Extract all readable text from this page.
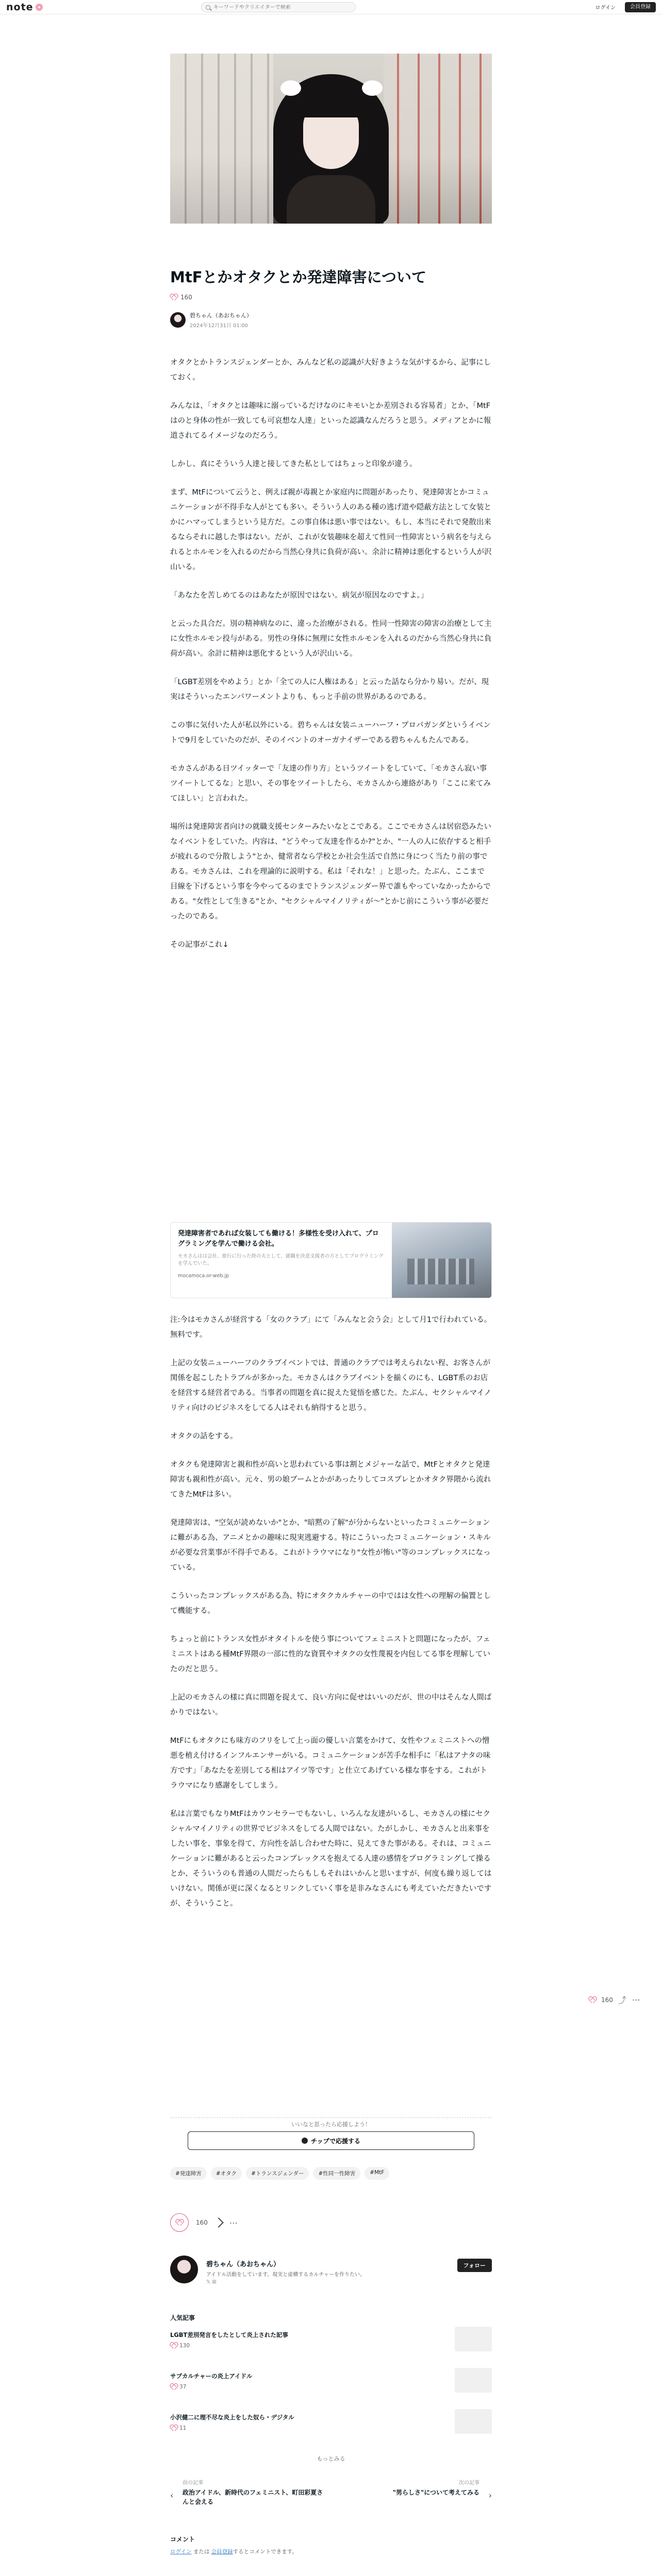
note
キーワードやクリエイターで検索	ログイン	会員登録
MtFとかオタクとか発達障害について
160
碧ちゃん（あおちゃん）
2024年12月31日 01:00

オタクとかトランスジェンダーとか、みんなど私の認識が大好きような気がするから、記事にしておく。

みんなは、「オタクとは趣味に溺っているだけなのにキモいとか差別される容易者」とか、「MtFはのと身体の性が一致しても可哀想な人達」といった認識なんだろうと思う。メディアとかに報道されてるイメージなのだろう。

しかし、真にそういう人達と接してきた私としてはちょっと印象が違う。

まず、MtFについて云うと、例えば親が毒親とか家庭内に問題があったり、発達障害とかコミュニケーションが不得手な人がとても多い。そういう人のある種の逃げ道や隠蔽方法として女装とかにハマってしまうという見方だ。この事自体は悪い事ではない。もし、本当にそれで発散出来るならそれに越した事はない。だが、これが女装趣味を超えて性同一性障害という病名を与えられるとホルモンを入れるのだから当然心身共に負荷が高い。余計に精神は悪化するという人が沢山いる。

「あなたを苦しめてるのはあなたが原因ではない。病気が原因なのですよ。」

と云った具合だ。別の精神病なのに、違った治療がされる。性同一性障害の障害の治療として主に女性ホルモン投与がある。男性の身体に無理に女性ホルモンを入れるのだから当然心身共に負荷が高い。余計に精神は悪化するという人が沢山いる。

「LGBT差別をやめよう」とか「全ての人に人権はある」と云った話なら分かり易い。だが、現実はそういったエンパワーメントよりも、もっと手前の世界があるのである。

この事に気付いた人が私以外にいる。碧ちゃんは女装ニューハーフ・プロパガンダというイベントで9月をしていたのだが、そのイベントのオーガナイザーである碧ちゃんもたんである。

モカさんがある日ツイッターで「友達の作り方」というツイートをしていて、「モカさん寂い事ツイートしてるな」と思い、その事をツイートしたら、モカさんから連絡があり「ここに来てみてほしい」と言われた。

場所は発達障害者向けの就職支援センターみたいなとこである。ここでモカさんは居宿恐みたいなイベントをしていた。内容は、"どうやって友達を作るか?"とか、"一人の人に依存すると相手が疲れるので分散しよう"とか、健常者なら学校とか社会生活で自然に身につく当たり前の事である。モカさんは、これを理論的に説明する。私は「それな！」と思った。たぶん、ここまで目線を下げるという事を今やってるのまでトランスジェンダー界で誰もやっていなかったからである。"女性として生きる"とか、"セクシャルマイノリティが〜"とかじ前にこういう事が必要だったのである。

その記事がこれ↓

発達障害者であれば女装しても働ける！多様性を受け入れて、プログラミングを学んで働ける会社。
モカさんはは会社、旅行に行った時の夫として、就職を決意支援者の方としてプログラミングを学んでいた。
mocamoca.or-web.jp

注:今はモカさんが経営する「女のクラブ」にて「みんなと会う会」として月1で行われている。無料です。

上記の女装ニューハーフのクラブイベントでは、普通のクラブでは考えられない程、お客さんが関係を起こしたトラブルが多かった。モカさんはクラブイベントを揃くのにも、LGBT系のお店を経営する経営者である。当事者の問題を真に捉えた覚悟を感じた。たぶん、セクシャルマイノリティ向けのビジネスをしてる人はそれも納得すると思う。

オタクの話をする。

オタクも発達障害と親和性が高いと思われている事は割とメジャーな話で、MtFとオタクと発達障害も親和性が高い。元々、男の娘ブームとかがあったりしてコスプレとかオタク界隈から流れてきたMtFは多い。

発達障害は、"空気が読めないか"とか、"暗黙の了解"が分からないといったコミュニケーションに難がある為、アニメとかの趣味に現実逃避する。特にこういったコミュニケーション・スキルが必要な営業事が不得手である。これがトラウマになり"女性が怖い"等のコンプレックスになっている。

こういったコンプレックスがある為、特にオタクカルチャーの中ではは女性への理解の偏置として機能する。

ちょっと前にトランス女性がオタイトルを使う事についてフェミニストと問題になったが、フェミニストはある種MtF界隈の一部に性的な資質やオタクの女性蔑視を内包してる事を理解していたのだと思う。

上記のモカさんの様に真に問題を捉えて、良い方向に促せはいいのだが、世の中はそんな人間ばかりではない。

MtFにもオタクにも味方のフリをして上っ面の優しい言葉をかけて、女性やフェミニストへの憎悪を植え付けるインフルエンサーがいる。コミュニケーションが苦手な相手に「私はアナタの味方です」「あなたを差別してる相はアイツ等です」と仕立てあげている様な事をする。これがトラウマになり感謝をしてしまう。

私は言葉でもなりMtFはカウンセラーでもないし、いろんな友達がいるし、モカさんの様にセクシャルマイノリティの世界でビジネスをしてる人間ではない。たがしかし、モカさんと出来事をしたい事を、事象を得て、方向性を話し合わせた時に、見えてきた事がある。それは、コミュニケーションに難があると云ったコンプレックスを抱えてる人達の感情をプログラミングして操るとか、そういうのも普通の人間だったらもしもそれはいかんと思いますが、何度も繰り返してはいけない。関係が更に深くなるとリンクしていく事を是非みなさんにも考えていただきたいですが、そういうこと。

160 ⤴ ⋯
いいなと思ったら応援しよう！
チップで応援する
#発達障害	#オタク	#トランスジェンダー	#性同一性障害	#MtF
160	⋯
碧ちゃん（あおちゃん）
アイドル活動をしています。現実と虚構するカルチャーを作りたい。
𝕏 ⊞
フォロー
人気記事
LGBT差別発言をしたとして炎上された記事
130
サブカルチャーの炎上アイドル
37
小沢健二に理不尽な炎上をした奴ら・デジタル
11
もっとみる
‹
前の記事
政治アイドル、新時代のフェミニスト、町田彩夏さんと会える
›
次の記事
"男らしさ"について考えてみる
コメント
ログイン または 会員登録するとコメントできます。
